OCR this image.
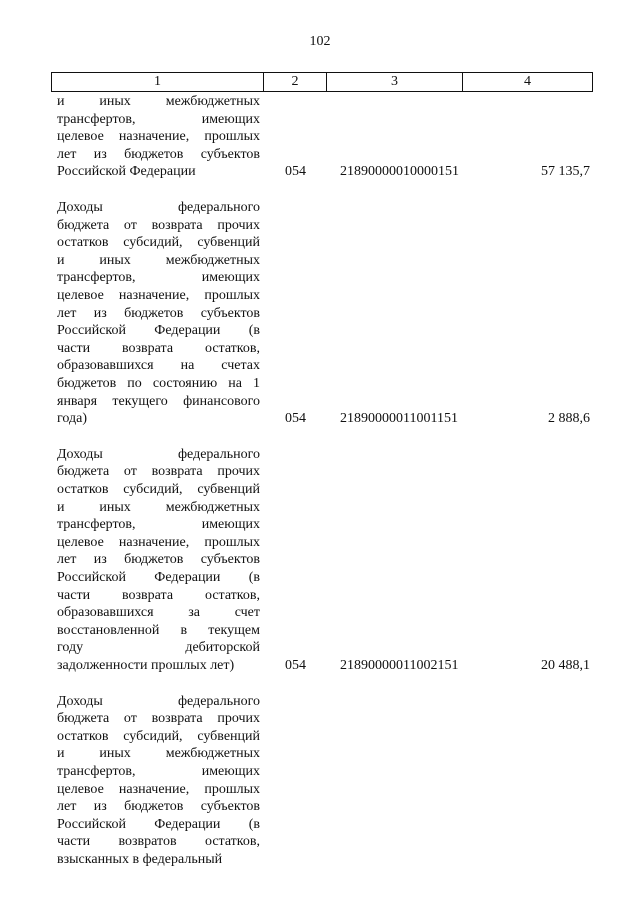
102
1	2	3	4
и иных межбюджетных
трансфертов, имеющих
целевое назначение, прошлых
лет из бюджетов субъектов
Российской Федерации	054 21890000010000151	57 135,7
Доходы федерального
бюджета от возврата прочих
остатков субсидий, субвенций
и иных межбюджетных
трансфертов, имеющих
целевое назначение, прошлых
лет из бюджетов субъектов
Российской Федерации (в
части возврата остатков,
образовавшихся на счетах
бюджетов по состоянию на 1
января текущего финансового
года)	054 21890000011001151	2 888,6
Доходы федерального
бюджета от возврата прочих
остатков субсидий, субвенций
и иных межбюджетных
трансфертов, имеющих
целевое назначение, прошлых
лет из бюджетов субъектов
Российской Федерации (в
части возврата остатков,
образовавшихся за счет
восстановленной в текущем
году дебиторской
задолженности прошлых лет)	054 21890000011002151	20 488,1
Доходы федерального
бюджета от возврата прочих
остатков субсидий, субвенций
и иных межбюджетных
трансфертов, имеющих
целевое назначение, прошлых
лет из бюджетов субъектов
Российской Федерации (в
части возвратов остатков,
взысканных в федеральный
